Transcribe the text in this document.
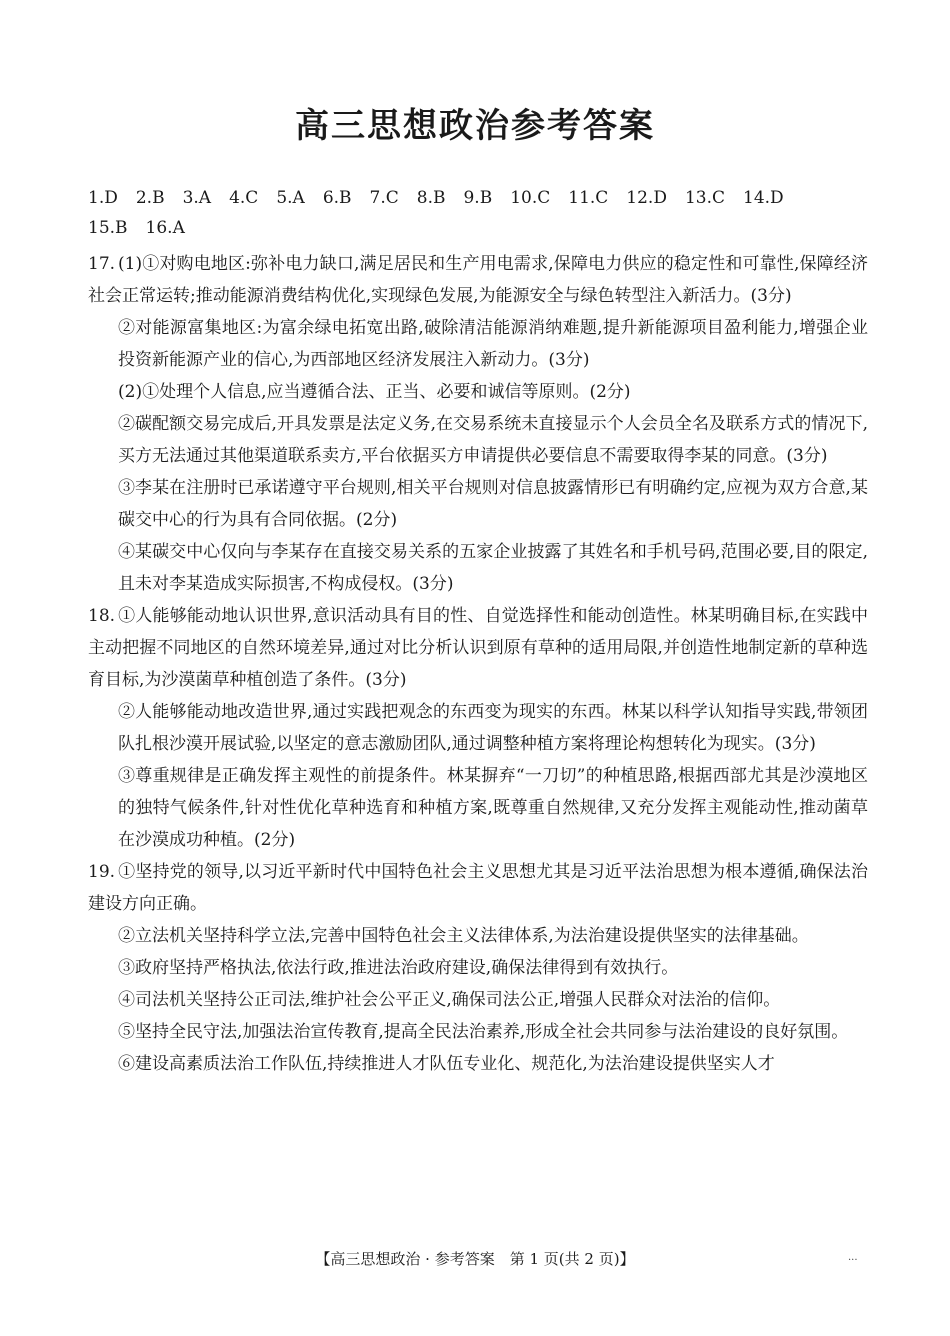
高三思想政治参考答案
1.D 2.B 3.A 4.C 5.A 6.B 7.C 8.B 9.B 10.C 11.C 12.D 13.C 14.D
15.B 16.A

17. (1)①对购电地区:弥补电力缺口,满足居民和生产用电需求,保障电力供应的稳定性和可靠性,保障经济社会正常运转;推动能源消费结构优化,实现绿色发展,为能源安全与绿色转型注入新活力。(3分)

②对能源富集地区:为富余绿电拓宽出路,破除清洁能源消纳难题,提升新能源项目盈利能力,增强企业投资新能源产业的信心,为西部地区经济发展注入新动力。(3分)

(2)①处理个人信息,应当遵循合法、正当、必要和诚信等原则。(2分)

②碳配额交易完成后,开具发票是法定义务,在交易系统未直接显示个人会员全名及联系方式的情况下,买方无法通过其他渠道联系卖方,平台依据买方申请提供必要信息不需要取得李某的同意。(3分)

③李某在注册时已承诺遵守平台规则,相关平台规则对信息披露情形已有明确约定,应视为双方合意,某碳交中心的行为具有合同依据。(2分)

④某碳交中心仅向与李某存在直接交易关系的五家企业披露了其姓名和手机号码,范围必要,目的限定,且未对李某造成实际损害,不构成侵权。(3分)

18. ①人能够能动地认识世界,意识活动具有目的性、自觉选择性和能动创造性。林某明确目标,在实践中主动把握不同地区的自然环境差异,通过对比分析认识到原有草种的适用局限,并创造性地制定新的草种选育目标,为沙漠菌草种植创造了条件。(3分)

②人能够能动地改造世界,通过实践把观念的东西变为现实的东西。林某以科学认知指导实践,带领团队扎根沙漠开展试验,以坚定的意志激励团队,通过调整种植方案将理论构想转化为现实。(3分)

③尊重规律是正确发挥主观性的前提条件。林某摒弃“一刀切”的种植思路,根据西部尤其是沙漠地区的独特气候条件,针对性优化草种选育和种植方案,既尊重自然规律,又充分发挥主观能动性,推动菌草在沙漠成功种植。(2分)

19. ①坚持党的领导,以习近平新时代中国特色社会主义思想尤其是习近平法治思想为根本遵循,确保法治建设方向正确。

②立法机关坚持科学立法,完善中国特色社会主义法律体系,为法治建设提供坚实的法律基础。

③政府坚持严格执法,依法行政,推进法治政府建设,确保法律得到有效执行。

④司法机关坚持公正司法,维护社会公平正义,确保司法公正,增强人民群众对法治的信仰。

⑤坚持全民守法,加强法治宣传教育,提高全民法治素养,形成全社会共同参与法治建设的良好氛围。

⑥建设高素质法治工作队伍,持续推进人才队伍专业化、规范化,为法治建设提供坚实人才

【高三思想政治 · 参考答案　第 1 页(共 2 页)】	...
